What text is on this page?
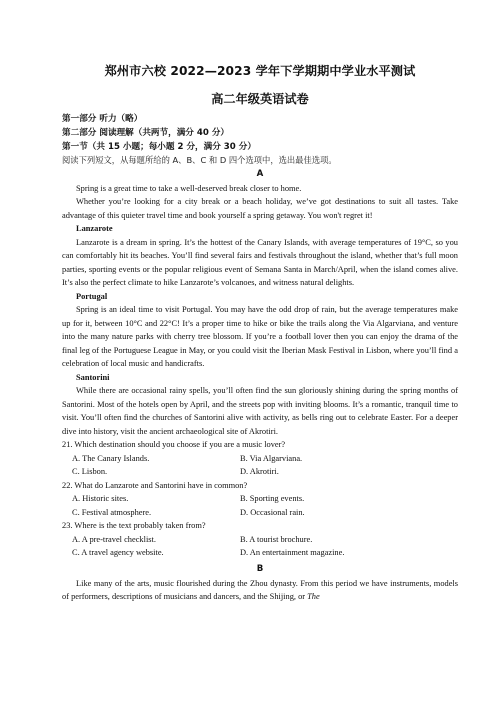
郑州市六校 2022—2023 学年下学期期中学业水平测试
高二年级英语试卷
第一部分 听力（略）
第二部分 阅读理解（共两节，满分 40 分）
第一节（共 15 小题；每小题 2 分，满分 30 分）
阅读下列短文，从每题所给的 A、B、C 和 D 四个选项中，选出最佳选项。
A

Spring is a great time to take a well-deserved break closer to home.

Whether you’re looking for a city break or a beach holiday, we’ve got destinations to suit all tastes. Take advantage of this quieter travel time and book yourself a spring getaway. You won't regret it!

Lanzarote

Lanzarote is a dream in spring. It’s the hottest of the Canary Islands, with average temperatures of 19°C, so you can comfortably hit its beaches. You’ll find several fairs and festivals throughout the island, whether that’s full moon parties, sporting events or the popular religious event of Semana Santa in March/April, when the island comes alive. It’s also the perfect climate to hike Lanzarote’s volcanoes, and witness natural delights.

Portugal

Spring is an ideal time to visit Portugal. You may have the odd drop of rain, but the average temperatures make up for it, between 10°C and 22°C! It’s a proper time to hike or bike the trails along the Via Algarviana, and venture into the many nature parks with cherry tree blossom. If you’re a football lover then you can enjoy the drama of the final leg of the Portuguese League in May, or you could visit the Iberian Mask Festival in Lisbon, where you’ll find a celebration of local music and handicrafts.

Santorini

While there are occasional rainy spells, you’ll often find the sun gloriously shining during the spring months of Santorini. Most of the hotels open by April, and the streets pop with inviting blooms. It’s a romantic, tranquil time to visit. You’ll often find the churches of Santorini alive with activity, as bells ring out to celebrate Easter. For a deeper dive into history, visit the ancient archaeological site of Akrotiri.

21. Which destination should you choose if you are a music lover?
A. The Canary Islands.	B. Via Algarviana.
C. Lisbon.	D. Akrotiri.
22. What do Lanzarote and Santorini have in common?
A. Historic sites.	B. Sporting events.
C. Festival atmosphere.	D. Occasional rain.
23. Where is the text probably taken from?
A. A pre-travel checklist.	B. A tourist brochure.
C. A travel agency website.	D. An entertainment magazine.
B

Like many of the arts, music flourished during the Zhou dynasty. From this period we have instruments, models of performers, descriptions of musicians and dancers, and the Shijing, or The
